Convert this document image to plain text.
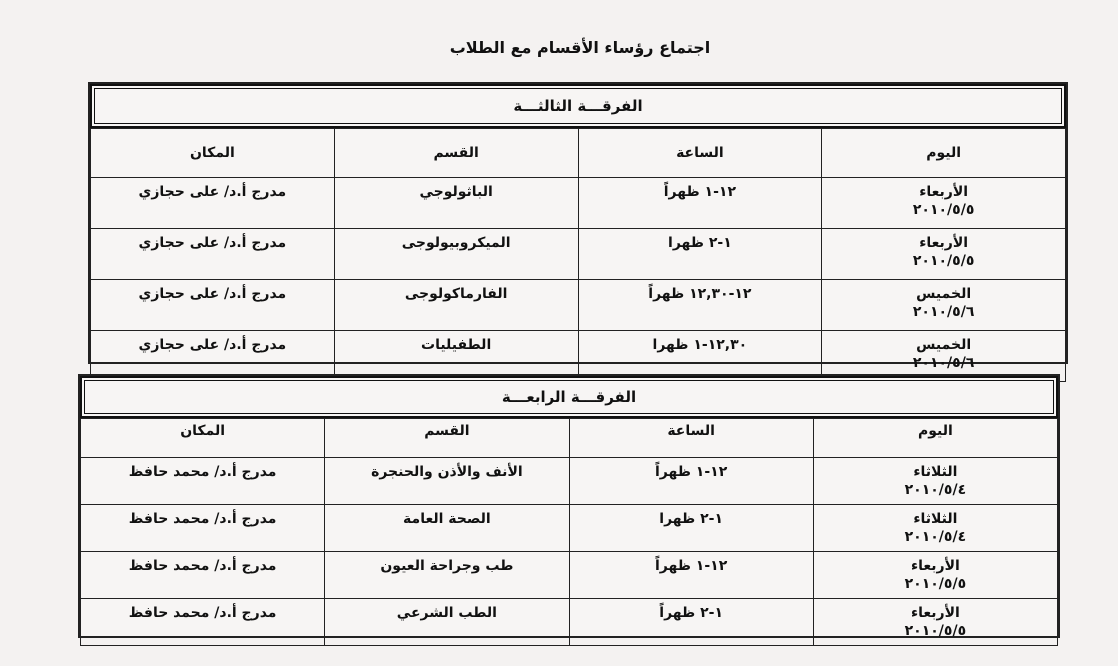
اجتماع رؤساء الأقسام مع الطلاب
الفرقـــة الثالثـــة
اليوم	الساعة	القسم	المكان

الأربعاء
٢٠١٠/٥/٥	١٢-١ ظهراً	الباثولوجي	مدرج أ.د/ على حجازي

الأربعاء
٢٠١٠/٥/٥	١-٢ ظهرا	الميكروبيولوجى	مدرج أ.د/ على حجازي

الخميس
٢٠١٠/٥/٦	١٢-١٢,٣٠ ظهراً	الفارماكولوجى	مدرج أ.د/ على حجازي

الخميس
٢٠١٠/٥/٦	١٢,٣٠-١ ظهرا	الطفيليات	مدرج أ.د/ على حجازي
الفرقـــة الرابعـــة
اليوم	الساعة	القسم	المكان

الثلاثاء
٢٠١٠/٥/٤	١٢-١ ظهراً	الأنف والأذن والحنجرة	مدرج أ.د/ محمد حافظ

الثلاثاء
٢٠١٠/٥/٤	١-٢ ظهرا	الصحة العامة	مدرج أ.د/ محمد حافظ

الأربعاء
٢٠١٠/٥/٥	١٢-١ ظهراً	طب وجراحة العيون	مدرج أ.د/ محمد حافظ

الأربعاء
٢٠١٠/٥/٥	١-٢ ظهراً	الطب الشرعي	مدرج أ.د/ محمد حافظ
